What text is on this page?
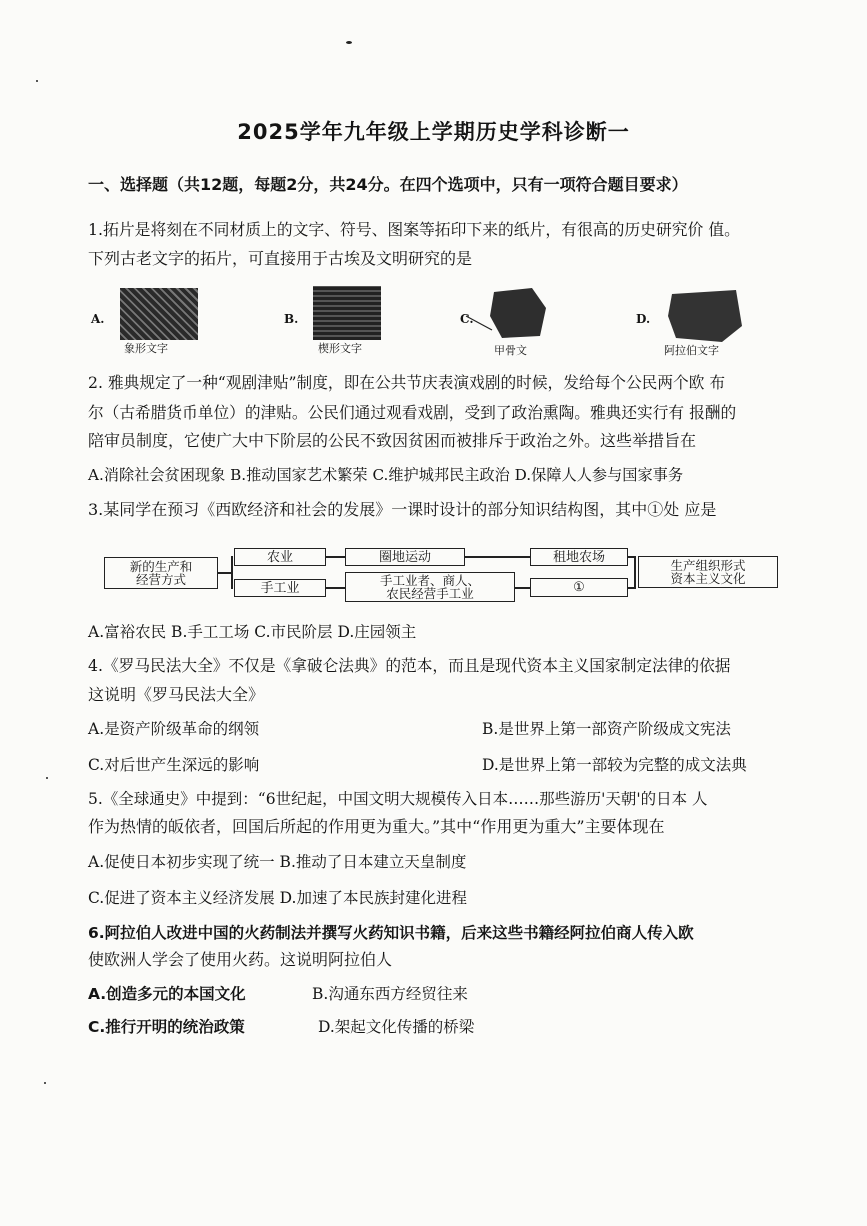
2025学年九年级上学期历史学科诊断一
一、选择题（共12题，每题2分，共24分。在四个选项中，只有一项符合题目要求）
1.拓片是将刻在不同材质上的文字、符号、图案等拓印下来的纸片，有很高的历史研究价 值。
下列古老文字的拓片，可直接用于古埃及文明研究的是
A.
象形文字
B.
楔形文字
C.
甲骨文
D.
阿拉伯文字
2. 雅典规定了一种“观剧津贴”制度，即在公共节庆表演戏剧的时候，发给每个公民两个欧 布
尔（古希腊货币单位）的津贴。公民们通过观看戏剧，受到了政治熏陶。雅典还实行有 报酬的
陪审员制度，它使广大中下阶层的公民不致因贫困而被排斥于政治之外。这些举措旨在
A.消除社会贫困现象 B.推动国家艺术繁荣 C.维护城邦民主政治 D.保障人人参与国家事务
3.某同学在预习《西欧经济和社会的发展》一课时设计的部分知识结构图，其中①处 应是
新的生产和
经营方式
农业	圈地运动	租地农场
手工业	手工业者、商人、
农民经营手工业	①
生产组织形式
资本主义文化
A.富裕农民 B.手工工场 C.市民阶层 D.庄园领主
4.《罗马民法大全》不仅是《拿破仑法典》的范本，而且是现代资本主义国家制定法律的依据
这说明《罗马民法大全》
A.是资产阶级革命的纲领	B.是世界上第一部资产阶级成文宪法
C.对后世产生深远的影响	D.是世界上第一部较为完整的成文法典
5.《全球通史》中提到：“6世纪起，中国文明大规模传入日本……那些游历'天朝'的日本 人
作为热情的皈依者，回国后所起的作用更为重大。”其中“作用更为重大”主要体现在
A.促使日本初步实现了统一 B.推动了日本建立天皇制度
C.促进了资本主义经济发展 D.加速了本民族封建化进程
6.阿拉伯人改进中国的火药制法并撰写火药知识书籍，后来这些书籍经阿拉伯商人传入欧
使欧洲人学会了使用火药。这说明阿拉伯人
A.创造多元的本国文化	B.沟通东西方经贸往来
C.推行开明的统治政策	D.架起文化传播的桥梁
